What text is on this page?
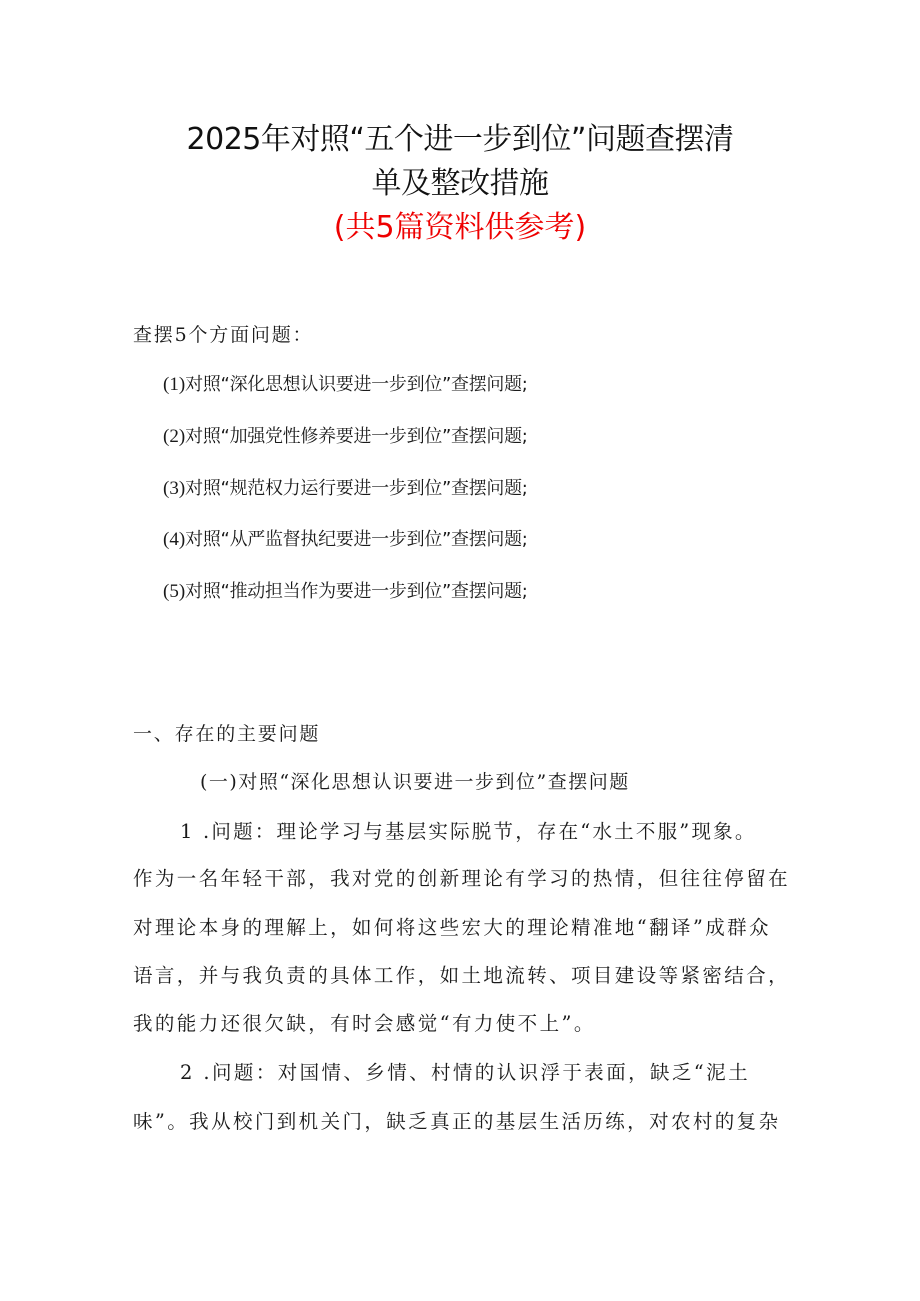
2025年对照“五个进一步到位”问题查摆清
单及整改措施
(共5篇资料供参考)
查摆5个方面问题：
(1)对照“深化思想认识要进一步到位”查摆问题;
(2)对照“加强党性修养要进一步到位”查摆问题;
(3)对照“规范权力运行要进一步到位”查摆问题;
(4)对照“从严监督执纪要进一步到位”查摆问题;
(5)对照“推动担当作为要进一步到位”查摆问题;
一、存在的主要问题
(一)对照“深化思想认识要进一步到位”查摆问题
1 .问题：理论学习与基层实际脱节，存在“水土不服”现象。
作为一名年轻干部，我对党的创新理论有学习的热情，但往往停留在
对理论本身的理解上，如何将这些宏大的理论精准地“翻译”成群众
语言，并与我负责的具体工作，如土地流转、项目建设等紧密结合，
我的能力还很欠缺，有时会感觉“有力使不上”。
2 .问题：对国情、乡情、村情的认识浮于表面，缺乏“泥土
味”。我从校门到机关门，缺乏真正的基层生活历练，对农村的复杂
